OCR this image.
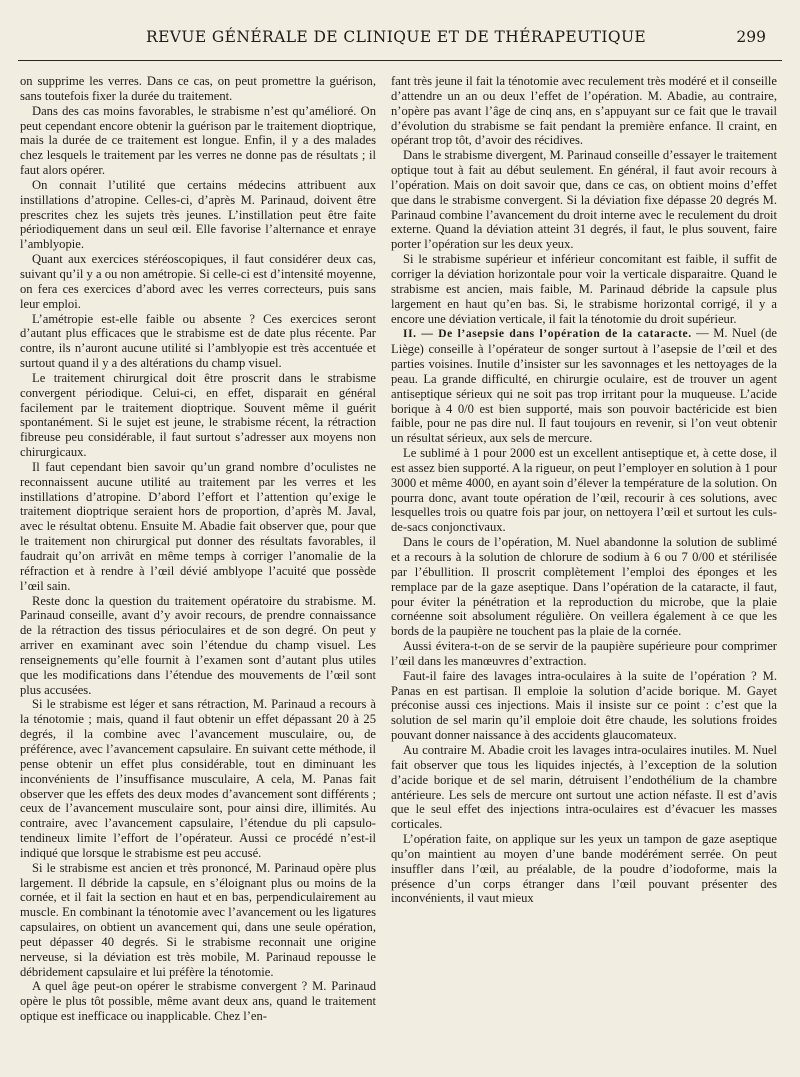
REVUE GÉNÉRALE DE CLINIQUE ET DE THÉRAPEUTIQUE	299

on supprime les verres. Dans ce cas, on peut promettre la guérison, sans toutefois fixer la durée du traitement.

Dans des cas moins favorables, le strabisme n’est qu’amélioré. On peut cependant encore obtenir la guérison par le traitement dioptrique, mais la durée de ce traitement est longue. Enfin, il y a des malades chez lesquels le traitement par les verres ne donne pas de résultats ; il faut alors opérer.

On connait l’utilité que certains médecins attribuent aux instillations d’atropine. Celles-ci, d’après M. Parinaud, doivent être prescrites chez les sujets très jeunes. L’instillation peut être faite périodiquement dans un seul œil. Elle favorise l’alternance et enraye l’amblyopie.

Quant aux exercices stéréoscopiques, il faut considérer deux cas, suivant qu’il y a ou non amétropie. Si celle-ci est d’intensité moyenne, on fera ces exercices d’abord avec les verres correcteurs, puis sans leur emploi.

L’amétropie est-elle faible ou absente ? Ces exercices seront d’autant plus efficaces que le strabisme est de date plus récente. Par contre, ils n’auront aucune utilité si l’amblyopie est très accentuée et surtout quand il y a des altérations du champ visuel.

Le traitement chirurgical doit être proscrit dans le strabisme convergent périodique. Celui-ci, en effet, disparait en général facilement par le traitement dioptrique. Souvent même il guérit spontanément. Si le sujet est jeune, le strabisme récent, la rétraction fibreuse peu considérable, il faut surtout s’adresser aux moyens non chirurgicaux.

Il faut cependant bien savoir qu’un grand nombre d’oculistes ne reconnaissent aucune utilité au traitement par les verres et les instillations d’atropine. D’abord l’effort et l’attention qu’exige le traitement dioptrique seraient hors de proportion, d’après M. Javal, avec le résultat obtenu. Ensuite M. Abadie fait observer que, pour que le traitement non chirurgical put donner des résultats favorables, il faudrait qu’on arrivât en même temps à corriger l’anomalie de la réfraction et à rendre à l’œil dévié amblyope l’acuité que possède l’œil sain.

Reste donc la question du traitement opératoire du strabisme. M. Parinaud conseille, avant d’y avoir recours, de prendre connaissance de la rétraction des tissus périoculaires et de son degré. On peut y arriver en examinant avec soin l’étendue du champ visuel. Les renseignements qu’elle fournit à l’examen sont d’autant plus utiles que les modifications dans l’étendue des mouvements de l’œil sont plus accusées.

Si le strabisme est léger et sans rétraction, M. Parinaud a recours à la ténotomie ; mais, quand il faut obtenir un effet dépassant 20 à 25 degrés, il la combine avec l’avancement musculaire, ou, de préférence, avec l’avancement capsulaire. En suivant cette méthode, il pense obtenir un effet plus considérable, tout en diminuant les inconvénients de l’insuffisance musculaire, A cela, M. Panas fait observer que les effets des deux modes d’avancement sont différents ; ceux de l’avancement musculaire sont, pour ainsi dire, illimités. Au contraire, avec l’avancement capsulaire, l’étendue du pli capsulo-tendineux limite l’effort de l’opérateur. Aussi ce procédé n’est-il indiqué que lorsque le strabisme est peu accusé.

Si le strabisme est ancien et très prononcé, M. Parinaud opère plus largement. Il débride la capsule, en s’éloignant plus ou moins de la cornée, et il fait la section en haut et en bas, perpendiculairement au muscle. En combinant la ténotomie avec l’avancement ou les ligatures capsulaires, on obtient un avancement qui, dans une seule opération, peut dépasser 40 degrés. Si le strabisme reconnait une origine nerveuse, si la déviation est très mobile, M. Parinaud repousse le débridement capsulaire et lui préfère la ténotomie.

A quel âge peut-on opérer le strabisme convergent ? M. Parinaud opère le plus tôt possible, même avant deux ans, quand le traitement optique est inefficace ou inapplicable. Chez l’en-

fant très jeune il fait la ténotomie avec reculement très modéré et il conseille d’attendre un an ou deux l’effet de l’opération. M. Abadie, au contraire, n’opère pas avant l’âge de cinq ans, en s’appuyant sur ce fait que le travail d’évolution du strabisme se fait pendant la première enfance. Il craint, en opérant trop tôt, d’avoir des récidives.

Dans le strabisme divergent, M. Parinaud conseille d’essayer le traitement optique tout à fait au début seulement. En général, il faut avoir recours à l’opération. Mais on doit savoir que, dans ce cas, on obtient moins d’effet que dans le strabisme convergent. Si la déviation fixe dépasse 20 degrés M. Parinaud combine l’avancement du droit interne avec le reculement du droit externe. Quand la déviation atteint 31 degrés, il faut, le plus souvent, faire porter l’opération sur les deux yeux.

Si le strabisme supérieur et inférieur concomitant est faible, il suffit de corriger la déviation horizontale pour voir la verticale disparaitre. Quand le strabisme est ancien, mais faible, M. Parinaud débride la capsule plus largement en haut qu’en bas. Si, le strabisme horizontal corrigé, il y a encore une déviation verticale, il fait la ténotomie du droit supérieur.

II. — De l’asepsie dans l’opération de la cataracte. — M. Nuel (de Liège) conseille à l’opérateur de songer surtout à l’asepsie de l’œil et des parties voisines. Inutile d’insister sur les savonnages et les nettoyages de la peau. La grande difficulté, en chirurgie oculaire, est de trouver un agent antiseptique sérieux qui ne soit pas trop irritant pour la muqueuse. L’acide borique à 4 0/0 est bien supporté, mais son pouvoir bactéricide est bien faible, pour ne pas dire nul. Il faut toujours en revenir, si l’on veut obtenir un résultat sérieux, aux sels de mercure.

Le sublimé à 1 pour 2000 est un excellent antiseptique et, à cette dose, il est assez bien supporté. A la rigueur, on peut l’employer en solution à 1 pour 3000 et même 4000, en ayant soin d’élever la température de la solution. On pourra donc, avant toute opération de l’œil, recourir à ces solutions, avec lesquelles trois ou quatre fois par jour, on nettoyera l’œil et surtout les culs-de-sacs conjonctivaux.

Dans le cours de l’opération, M. Nuel abandonne la solution de sublimé et a recours à la solution de chlorure de sodium à 6 ou 7 0/00 et stérilisée par l’ébullition. Il proscrit complètement l’emploi des éponges et les remplace par de la gaze aseptique. Dans l’opération de la cataracte, il faut, pour éviter la pénétration et la reproduction du microbe, que la plaie cornéenne soit absolument régulière. On veillera également à ce que les bords de la paupière ne touchent pas la plaie de la cornée.

Aussi évitera-t-on de se servir de la paupière supérieure pour comprimer l’œil dans les manœuvres d’extraction.

Faut-il faire des lavages intra-oculaires à la suite de l’opération ? M. Panas en est partisan. Il emploie la solution d’acide borique. M. Gayet préconise aussi ces injections. Mais il insiste sur ce point : c’est que la solution de sel marin qu’il emploie doit être chaude, les solutions froides pouvant donner naissance à des accidents glaucomateux.

Au contraire M. Abadie croit les lavages intra-oculaires inutiles. M. Nuel fait observer que tous les liquides injectés, à l’exception de la solution d’acide borique et de sel marin, détruisent l’endothélium de la chambre antérieure. Les sels de mercure ont surtout une action néfaste. Il est d’avis que le seul effet des injections intra-oculaires est d’évacuer les masses corticales.

L’opération faite, on applique sur les yeux un tampon de gaze aseptique qu’on maintient au moyen d’une bande modérément serrée. On peut insuffler dans l’œil, au préalable, de la poudre d’iodoforme, mais la présence d’un corps étranger dans l’œil pouvant présenter des inconvénients, il vaut mieux
